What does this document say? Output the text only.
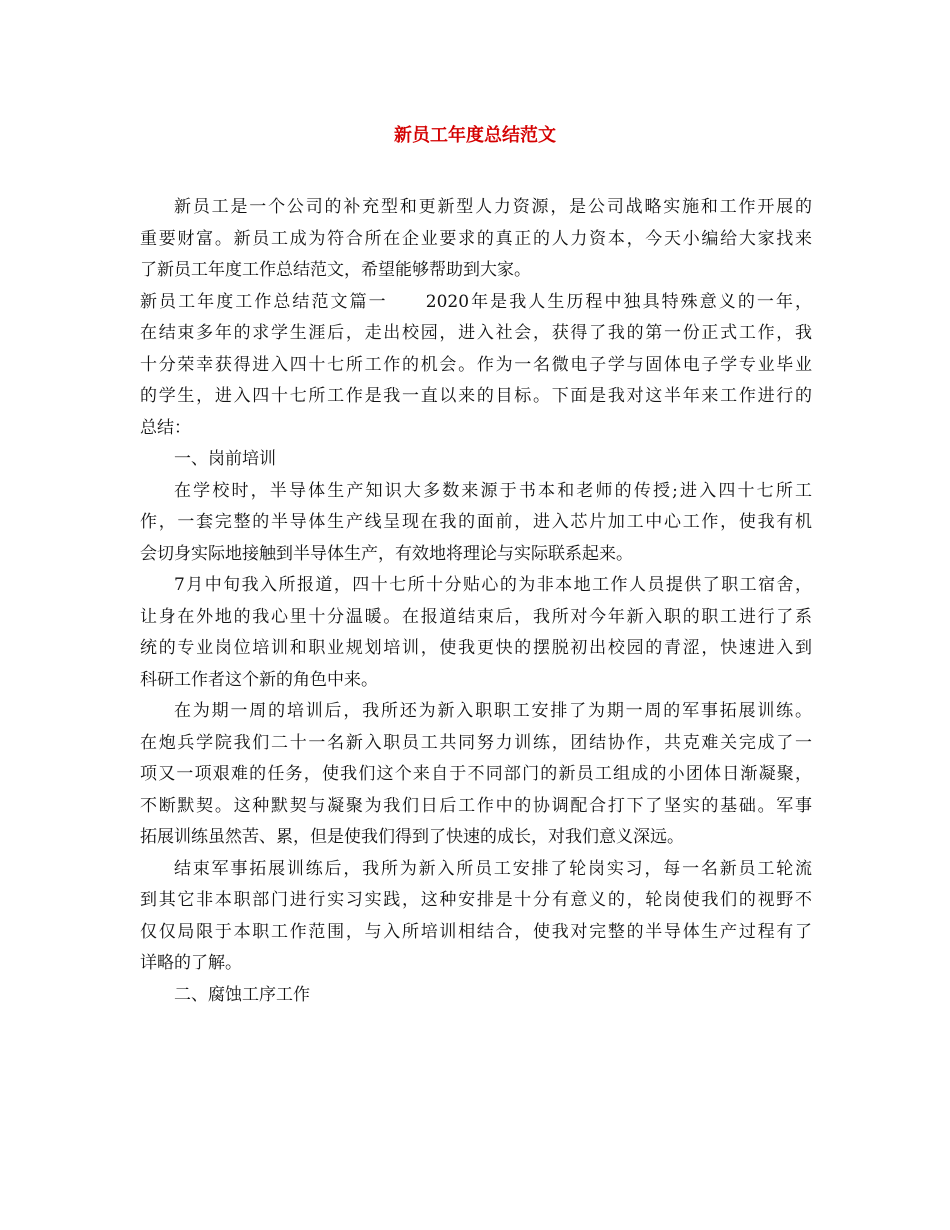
新员工年度总结范文
新员工是一个公司的补充型和更新型人力资源，是公司战略实施和工作开展的
重要财富。新员工成为符合所在企业要求的真正的人力资本，今天小编给大家找来
了新员工年度工作总结范文，希望能够帮助到大家。
新员工年度工作总结范文篇一　　2020年是我人生历程中独具特殊意义的一年，
在结束多年的求学生涯后，走出校园，进入社会，获得了我的第一份正式工作，我
十分荣幸获得进入四十七所工作的机会。作为一名微电子学与固体电子学专业毕业
的学生，进入四十七所工作是我一直以来的目标。下面是我对这半年来工作进行的
总结：
一、岗前培训
在学校时，半导体生产知识大多数来源于书本和老师的传授;进入四十七所工
作，一套完整的半导体生产线呈现在我的面前，进入芯片加工中心工作，使我有机
会切身实际地接触到半导体生产，有效地将理论与实际联系起来。
7月中旬我入所报道，四十七所十分贴心的为非本地工作人员提供了职工宿舍，
让身在外地的我心里十分温暖。在报道结束后，我所对今年新入职的职工进行了系
统的专业岗位培训和职业规划培训，使我更快的摆脱初出校园的青涩，快速进入到
科研工作者这个新的角色中来。
在为期一周的培训后，我所还为新入职职工安排了为期一周的军事拓展训练。
在炮兵学院我们二十一名新入职员工共同努力训练，团结协作，共克难关完成了一
项又一项艰难的任务，使我们这个来自于不同部门的新员工组成的小团体日渐凝聚，
不断默契。这种默契与凝聚为我们日后工作中的协调配合打下了坚实的基础。军事
拓展训练虽然苦、累，但是使我们得到了快速的成长，对我们意义深远。
结束军事拓展训练后，我所为新入所员工安排了轮岗实习，每一名新员工轮流
到其它非本职部门进行实习实践，这种安排是十分有意义的，轮岗使我们的视野不
仅仅局限于本职工作范围，与入所培训相结合，使我对完整的半导体生产过程有了
详略的了解。
二、腐蚀工序工作
